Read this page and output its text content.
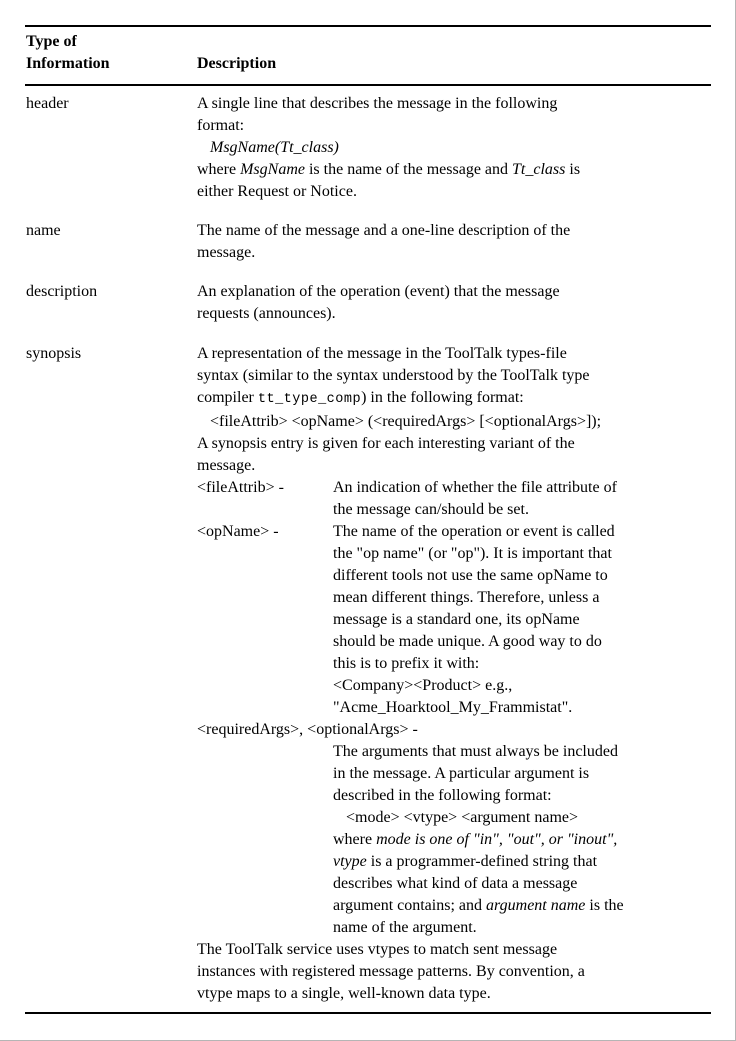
Type of
Information	Description
header	A single line that describes the message in the following
format:
MsgName(Tt_class)
where MsgName is the name of the message and Tt_class is
either Request or Notice.
name	The name of the message and a one-line description of the
message.
description	An explanation of the operation (event) that the message
requests (announces).
synopsis	A representation of the message in the ToolTalk types-file
syntax (similar to the syntax understood by the ToolTalk type
compiler tt_type_comp) in the following format:
<fileAttrib> <opName> (<requiredArgs> [<optionalArgs>]);
A synopsis entry is given for each interesting variant of the
message.
<fileAttrib> -	An indication of whether the file attribute of
the message can/should be set.
<opName> -	The name of the operation or event is called
the "op name" (or "op"). It is important that
different tools not use the same opName to
mean different things. Therefore, unless a
message is a standard one, its opName
should be made unique. A good way to do
this is to prefix it with:
<Company><Product> e.g.,
"Acme_Hoarktool_My_Frammistat".
<requiredArgs>, <optionalArgs> -
The arguments that must always be included
in the message. A particular argument is
described in the following format:
<mode> <vtype> <argument name>
where mode is one of "in", "out", or "inout",
vtype is a programmer-defined string that
describes what kind of data a message
argument contains; and argument name is the
name of the argument.
The ToolTalk service uses vtypes to match sent message
instances with registered message patterns. By convention, a
vtype maps to a single, well-known data type.
